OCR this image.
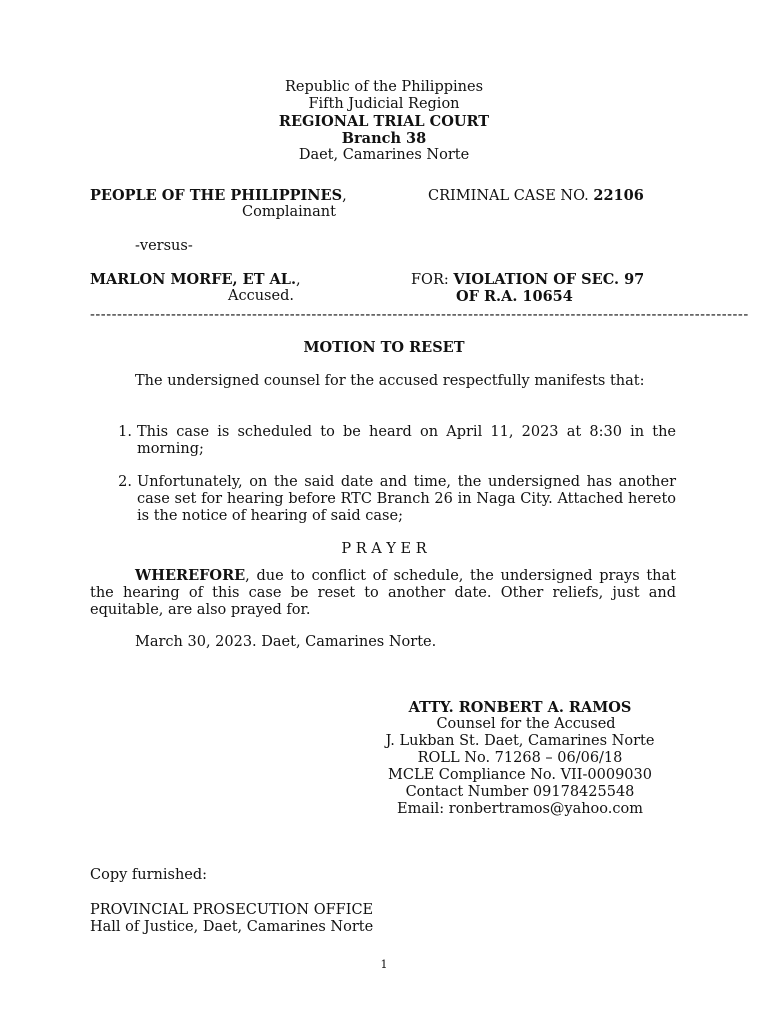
Republic of the Philippines
Fifth Judicial Region
REGIONAL TRIAL COURT
Branch 38
Daet, Camarines Norte
PEOPLE OF THE PHILIPPINES,
Complainant
CRIMINAL CASE NO. 22106
-versus-
MARLON MORFE, ET AL.,
Accused.
FOR: VIOLATION OF SEC. 97
OF R.A. 10654
--------------------------------------------------------------------------------------------------------------------------
MOTION TO RESET
The undersigned counsel for the accused respectfully manifests that:
1. This case is scheduled to be heard on April 11, 2023 at 8:30 in the morning;
2. Unfortunately, on the said date and time, the undersigned has another case set for hearing before RTC Branch 26 in Naga City. Attached hereto is the notice of hearing of said case;
P R A Y E R
WHEREFORE, due to conflict of schedule, the undersigned prays that the hearing of this case be reset to another date. Other reliefs, just and equitable, are also prayed for.
March 30, 2023. Daet, Camarines Norte.
ATTY. RONBERT A. RAMOS
Counsel for the Accused
J. Lukban St. Daet, Camarines Norte
ROLL No. 71268 – 06/06/18
MCLE Compliance No. VII-0009030
Contact Number 09178425548
Email: ronbertramos@yahoo.com
Copy furnished:
PROVINCIAL PROSECUTION OFFICE
Hall of Justice, Daet, Camarines Norte
1
